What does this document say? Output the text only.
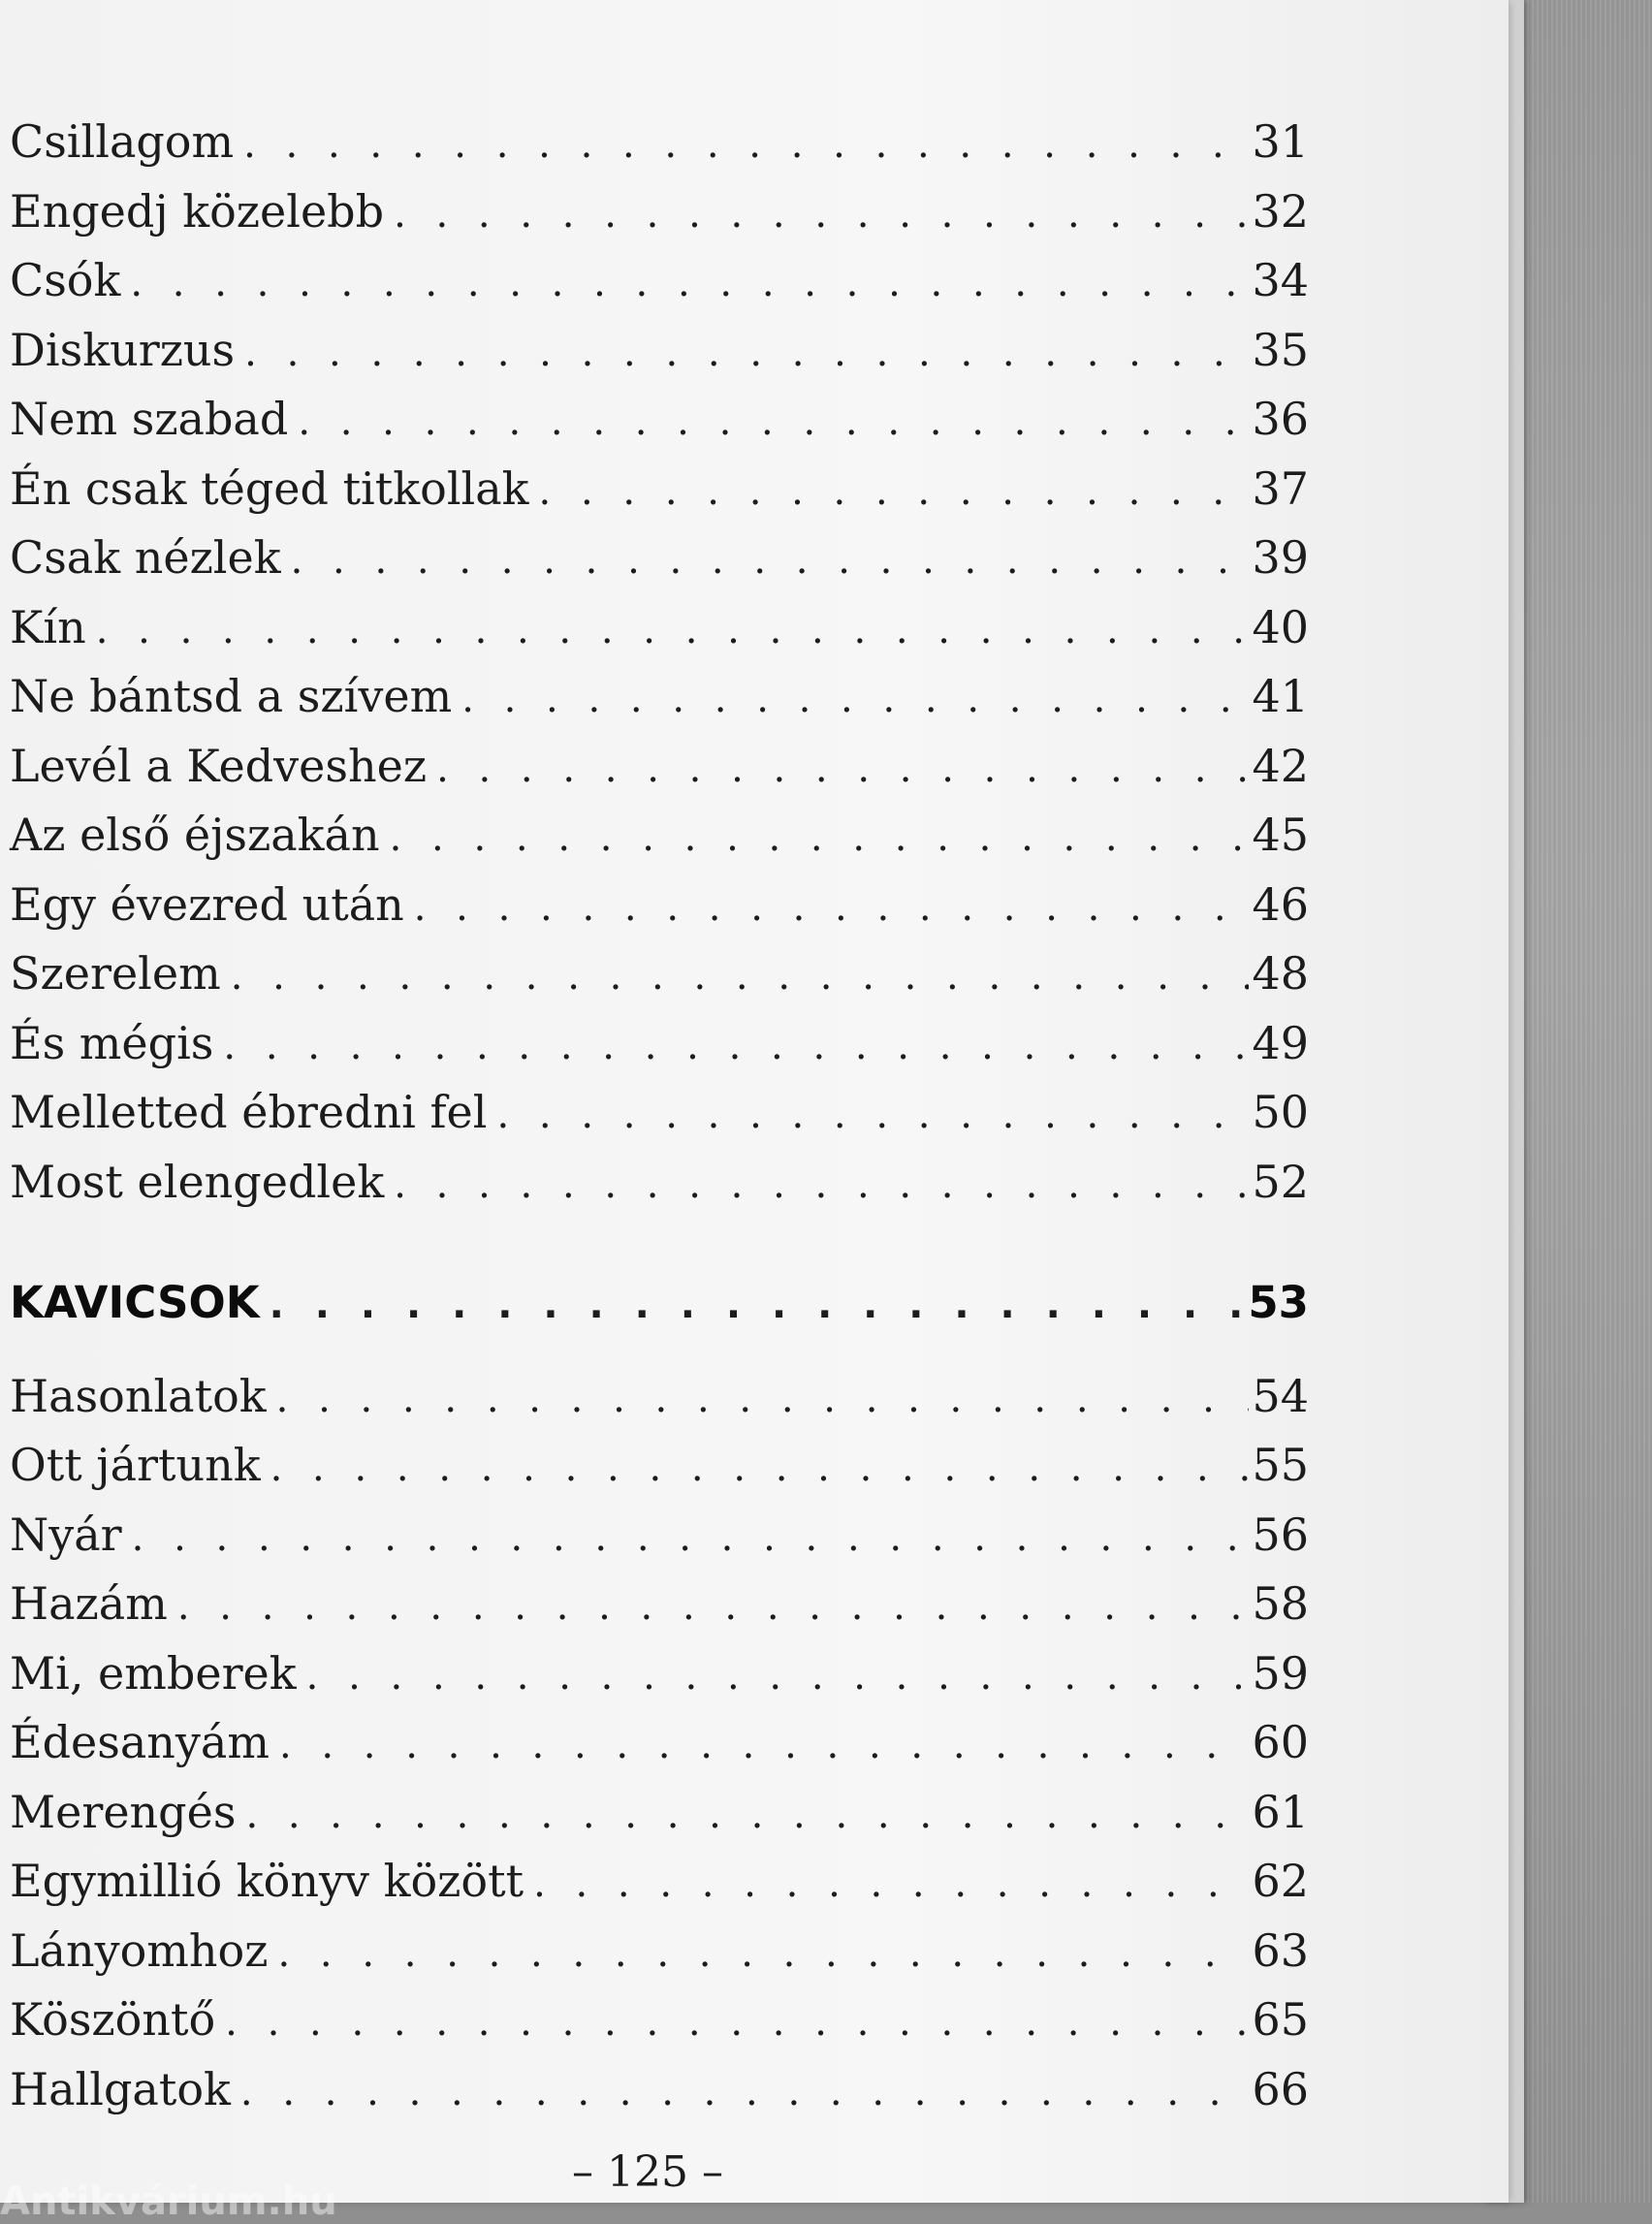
Csillagom . . .	31
Engedj közelebb . . .	32
Csók . . .	34
Diskurzus . . .	35
Nem szabad . . .	36
Én csak téged titkollak . . .	37
Csak nézlek . . .	39
Kín . . .	40
Ne bántsd a szívem . . .	41
Levél a Kedveshez . . .	42
Az első éjszakán . . .	45
Egy évezred után . . .	46
Szerelem . . .	48
És mégis . . .	49
Melletted ébredni fel . . .	50
Most elengedlek . . .	52
KAVICSOK . . .	53
Hasonlatok . . .	54
Ott jártunk . . .	55
Nyár . . .	56
Hazám . . .	58
Mi, emberek . . .	59
Édesanyám . . .	60
Merengés . . .	61
Egymillió könyv között . . .	62
Lányomhoz . . .	63
Köszöntő . . .	65
Hallgatok . . .	66
– 125 –
Antikvárium.hu
